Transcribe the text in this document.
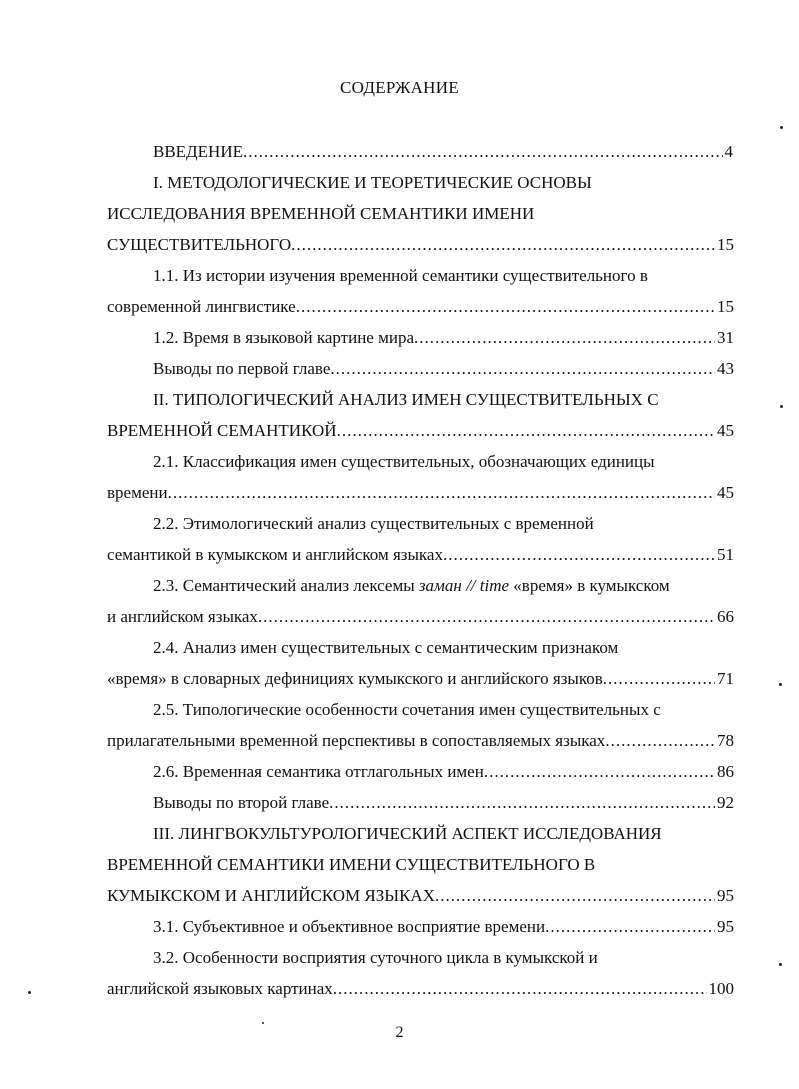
СОДЕРЖАНИЕ
ВВЕДЕНИЕ .....	4
I. МЕТОДОЛОГИЧЕСКИЕ И ТЕОРЕТИЧЕСКИЕ ОСНОВЫ
ИССЛЕДОВАНИЯ ВРЕМЕННОЙ СЕМАНТИКИ ИМЕНИ
СУЩЕСТВИТЕЛЬНОГО .....	15
1.1. Из истории изучения временной семантики существительного в
современной лингвистике .....	15
1.2. Время в языковой картине мира .....	31
Выводы по первой главе .....	43
II. ТИПОЛОГИЧЕСКИЙ АНАЛИЗ ИМЕН СУЩЕСТВИТЕЛЬНЫХ С
ВРЕМЕННОЙ СЕМАНТИКОЙ .....	45
2.1. Классификация имен существительных, обозначающих единицы
времени .....	45
2.2. Этимологический анализ существительных с временной
семантикой в кумыкском и английском языках .....	51
2.3. Семантический анализ лексемы заман // time «время» в кумыкском
и английском языках .....	66
2.4. Анализ имен существительных с семантическим признаком
«время» в словарных дефинициях кумыкского и английского языков .....	71
2.5. Типологические особенности сочетания имен существительных с
прилагательными временной перспективы в сопоставляемых языках .....	78
2.6. Временная семантика отглагольных имен .....	86
Выводы по второй главе .....	92
III. ЛИНГВОКУЛЬТУРОЛОГИЧЕСКИЙ АСПЕКТ ИССЛЕДОВАНИЯ
ВРЕМЕННОЙ СЕМАНТИКИ ИМЕНИ СУЩЕСТВИТЕЛЬНОГО В
КУМЫКСКОМ И АНГЛИЙСКОМ ЯЗЫКАХ .....	95
3.1. Субъективное и объективное восприятие времени .....	95
3.2. Особенности восприятия суточного цикла в кумыкской и
английской языковых картинах .....	100
2
